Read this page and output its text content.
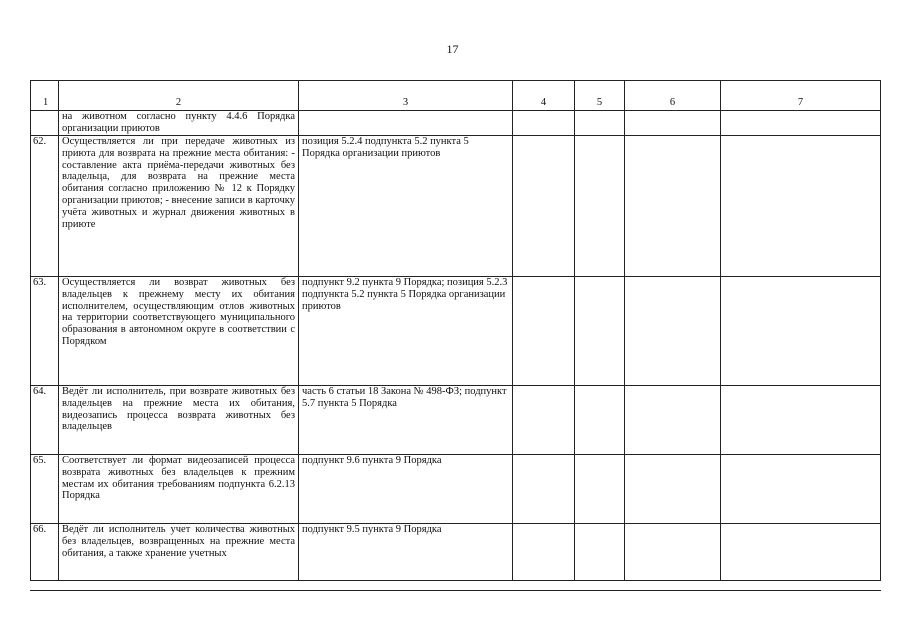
17
1	2	3	4	5	6	7
	на животном согласно пункту 4.4.6 Порядка организации приютов					
62.	Осуществляется ли при передаче животных из приюта для возврата на прежние места обитания: - составление акта приёма-передачи животных без владельца, для возврата на прежние места обитания согласно приложению № 12 к Порядку организации приютов; - внесение записи в карточку учёта животных и журнал движения животных в приюте	позиция 5.2.4 подпункта 5.2 пункта 5 Порядка организации приютов				
63.	Осуществляется ли возврат животных без владельцев к прежнему месту их обитания исполнителем, осуществляющим отлов животных на территории соответствующего муниципального образования в автономном округе в соответствии с Порядком	подпункт 9.2 пункта 9 Порядка; позиция 5.2.3 подпункта 5.2 пункта 5 Порядка организации приютов				
64.	Ведёт ли исполнитель, при возврате животных без владельцев на прежние места их обитания, видеозапись процесса возврата животных без владельцев	часть 6 статьи 18 Закона № 498-ФЗ; подпункт 5.7 пункта 5 Порядка				
65.	Соответствует ли формат видеозаписей процесса возврата животных без владельцев к прежним местам их обитания требованиям подпункта 6.2.13 Порядка	подпункт 9.6 пункта 9 Порядка				
66.	Ведёт ли исполнитель учет количества животных без владельцев, возвращенных на прежние места обитания, а также хранение учетных	подпункт 9.5 пункта 9 Порядка				
